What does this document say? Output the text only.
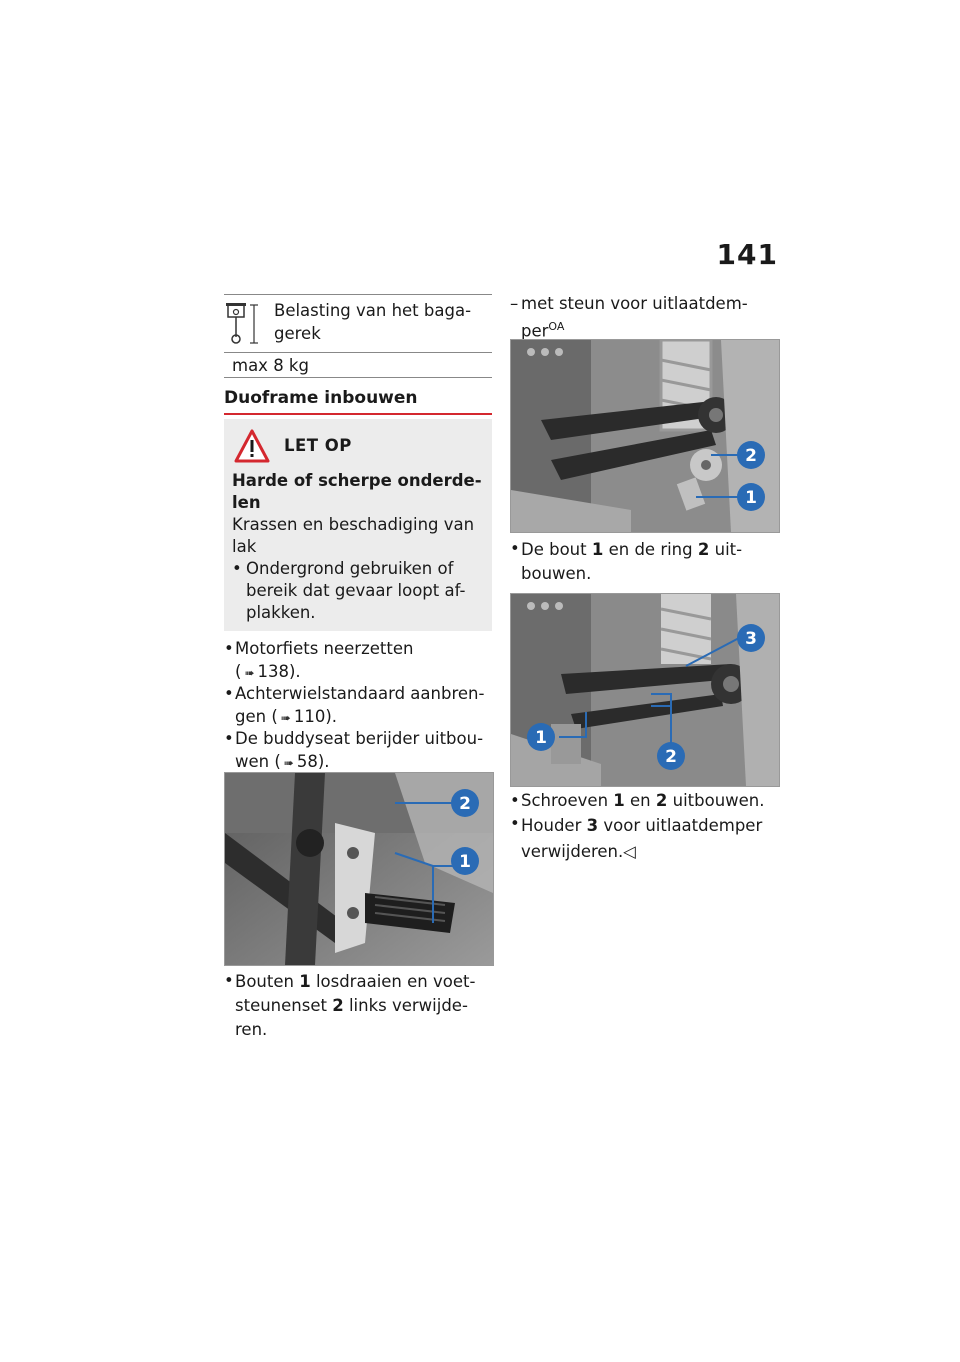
141
Belasting van het baga-gerek
max 8 kg
Duoframe inbouwen
LET OP
Harde of scherpe onderde-len
Krassen en beschadiging van lak
• Ondergrond gebruiken of bereik dat gevaar loopt af-plakken.
• Motorfiets neerzetten
( ➠ 138).
• Achterwielstandaard aanbren-gen ( ➠ 110).
• De buddyseat berijder uitbou-wen ( ➠ 58).
2
1
• Bouten 1 losdraaien en voet-steunenset 2 links verwijde-ren.
– met steun voor uitlaatdem-per$^{OA}$
2
1
• De bout 1 en de ring 2 uit-bouwen.
3
1
2
• Schroeven 1 en 2 uitbouwen.
• Houder 3 voor uitlaatdemper verwijderen.◁
